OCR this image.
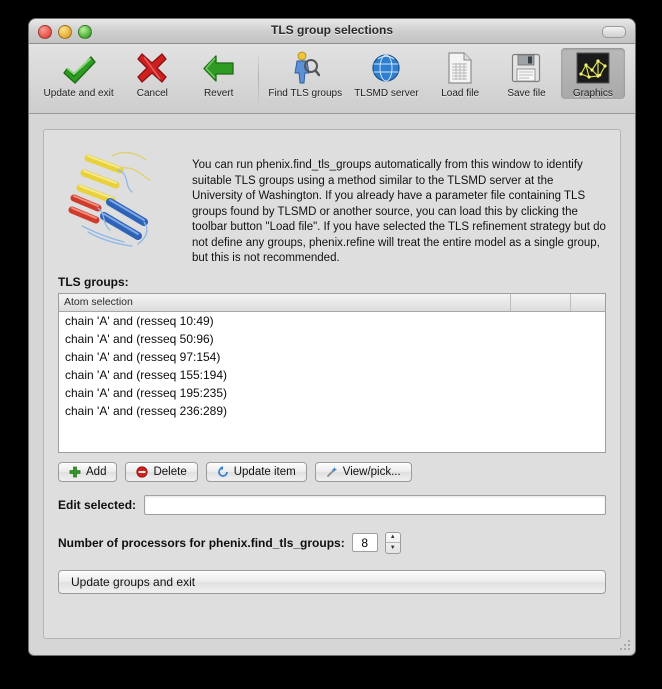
TLS group selections
Update and exit Cancel	Revert	Find TLS groups TLSMD server Load file	Save file	Graphics
You can run phenix.find_tls_groups automatically from this window to identify suitable TLS groups using a method similar to the TLSMD server at the University of Washington. If you already have a parameter file containing TLS groups found by TLSMD or another source, you can load this by clicking the toolbar button "Load file". If you have selected the TLS refinement strategy but do not define any groups, phenix.refine will treat the entire model as a single group, but this is not recommended.
TLS groups:
Atom selection
chain 'A' and (resseq 10:49)
chain 'A' and (resseq 50:96)
chain 'A' and (resseq 97:154)
chain 'A' and (resseq 155:194)
chain 'A' and (resseq 195:235)
chain 'A' and (resseq 236:289)
Add	Delete	Update item	View/pick...
Edit selected:
Number of processors for phenix.find_tls_groups:
8	▲
▼
Update groups and exit
